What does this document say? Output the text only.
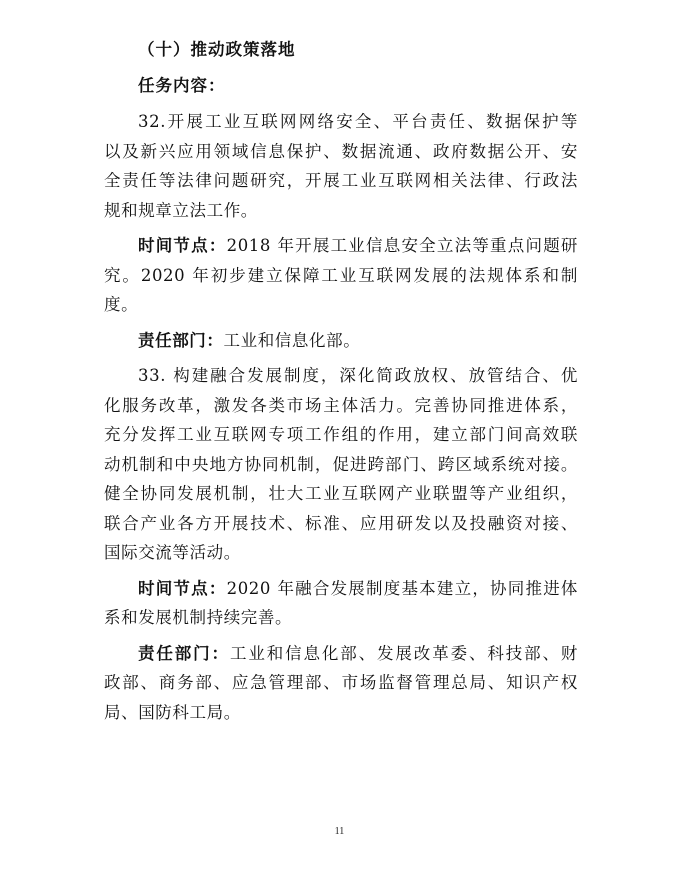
（十）推动政策落地
任务内容：

32.开展工业互联网网络安全、平台责任、数据保护等

以及新兴应用领域信息保护、数据流通、政府数据公开、安

全责任等法律问题研究，开展工业互联网相关法律、行政法

规和规章立法工作。

时间节点：2018 年开展工业信息安全立法等重点问题研

究。2020 年初步建立保障工业互联网发展的法规体系和制

度。

责任部门：工业和信息化部。

33. 构建融合发展制度，深化简政放权、放管结合、优

化服务改革，激发各类市场主体活力。完善协同推进体系，

充分发挥工业互联网专项工作组的作用，建立部门间高效联

动机制和中央地方协同机制，促进跨部门、跨区域系统对接。

健全协同发展机制，壮大工业互联网产业联盟等产业组织，

联合产业各方开展技术、标准、应用研发以及投融资对接、

国际交流等活动。

时间节点：2020 年融合发展制度基本建立，协同推进体

系和发展机制持续完善。

责任部门：工业和信息化部、发展改革委、科技部、财

政部、商务部、应急管理部、市场监督管理总局、知识产权

局、国防科工局。

11
